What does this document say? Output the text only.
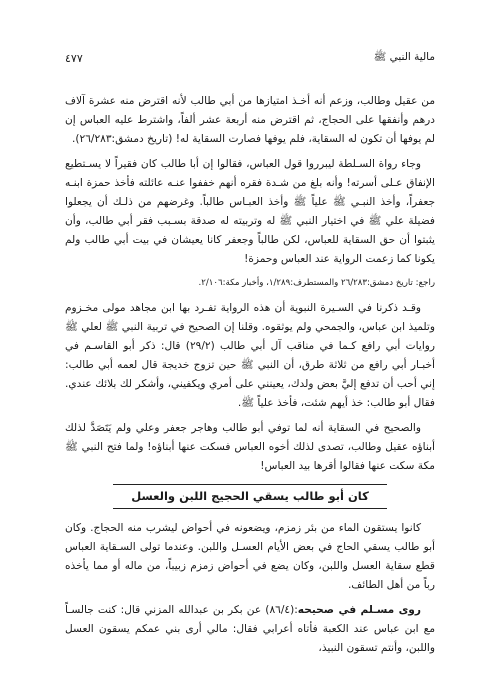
مالية النبي ﷺ
٤٧٧

من عقيل وطالب، وزعم أنه أخـذ امتيازها من أبي طالب لأنه اقترض منه عشرة آلاف درهم وأنفقها على الحجاج، ثم اقترض منه أربعة عشر ألفاً، واشترط عليه العباس إن لم يوفها أن تكون له السقاية، فلم يوفها فصارت السقاية له! (تاريخ دمشق:٢٦/٢٨٣).

وجاء رواة السـلطة ليبرروا قول العباس، فقالوا إن أبا طالب كان فقيراً لا يسـتطيع الإنفاق عـلى أسرته! وأنه بلغ من شـدة فقره أنهم خففوا عنـه عائلته فأخذ حمزة ابنـه جعفراً، وأخذ النبـي ﷺ علياً ﷺ وأخذ العبـاس طالباً. وغرضهم من ذلـك أن يجعلوا فضيلة علي ﷺ في اختيار النبي ﷺ له وتربيته له صدقة بسـبب فقر أبي طالب، وأن يثبتوا أن حق السقاية للعباس، لكن طالباً وجعفر كانا يعيشان في بيت أبي طالب ولم يكونا كما زعمت الرواية عند العباس وحمزة!

راجع: تاريخ دمشق:٢٦/٢٨٣ والمستطرف:١/٢٨٩، وأخبار مكة:٢/١٠٦.

وقـد ذكرنا في السـيرة النبوية أن هذه الرواية تفـرد بها ابن مجاهد مولى مخـزوم وتلميذ ابن عباس، والجمحي ولم يوثقوه. وقلنا إن الصحيح في تربية النبي ﷺ لعلي ﷺ روايات أبي رافع كـما في مناقب آل أبي طالب (٢٩/٢) قال: ذكر أبو القاسـم في أخبـار أبي رافع من ثلاثة طرق، أن النبي ﷺ حين تزوج خديجة قال لعمه أبي طالب: إني أحب أن تدفع إليَّ بعض ولدك، يعينني على أمري ويكفيني، وأشكر لك بلائك عندي. فقال أبو طالب: خذ أيهم شئت، فأخذ علياً ﷺ.

والصحيح في السقاية أنه لما توفي أبو طالب وهاجر جعفر وعلي ولم يَتَصَدَّ لذلك أبناؤه عقيل وطالب، تصدى لذلك أخوه العباس فسكت عنها أبناؤه! ولما فتح النبي ﷺ مكة سكت عنها فقالوا أقرها بيد العباس!

كان أبو طالب يسقي الحجيج اللبن والعسل

كانوا يستقون الماء من بئر زمزم، ويضعونه في أحواض ليشرب منه الحجاج. وكان أبو طالب يسقي الحاج في بعض الأيام العسـل واللبن. وعندما تولى السـقاية العباس قطع سقاية العسل واللبن، وكان يضع في أحواض زمزم زبيباً، من ماله أو مما يأخذه رباً من أهل الطائف.

روى مسـلم في صحيحه:(٨٦/٤) عن بكر بن عبدالله المزني قال: كنت جالسـاً مع ابن عباس عند الكعبة فأتاه أعرابي فقال: مالي أرى بني عمكم يسقون العسل واللبن، وأنتم تسقون النبيذ،
